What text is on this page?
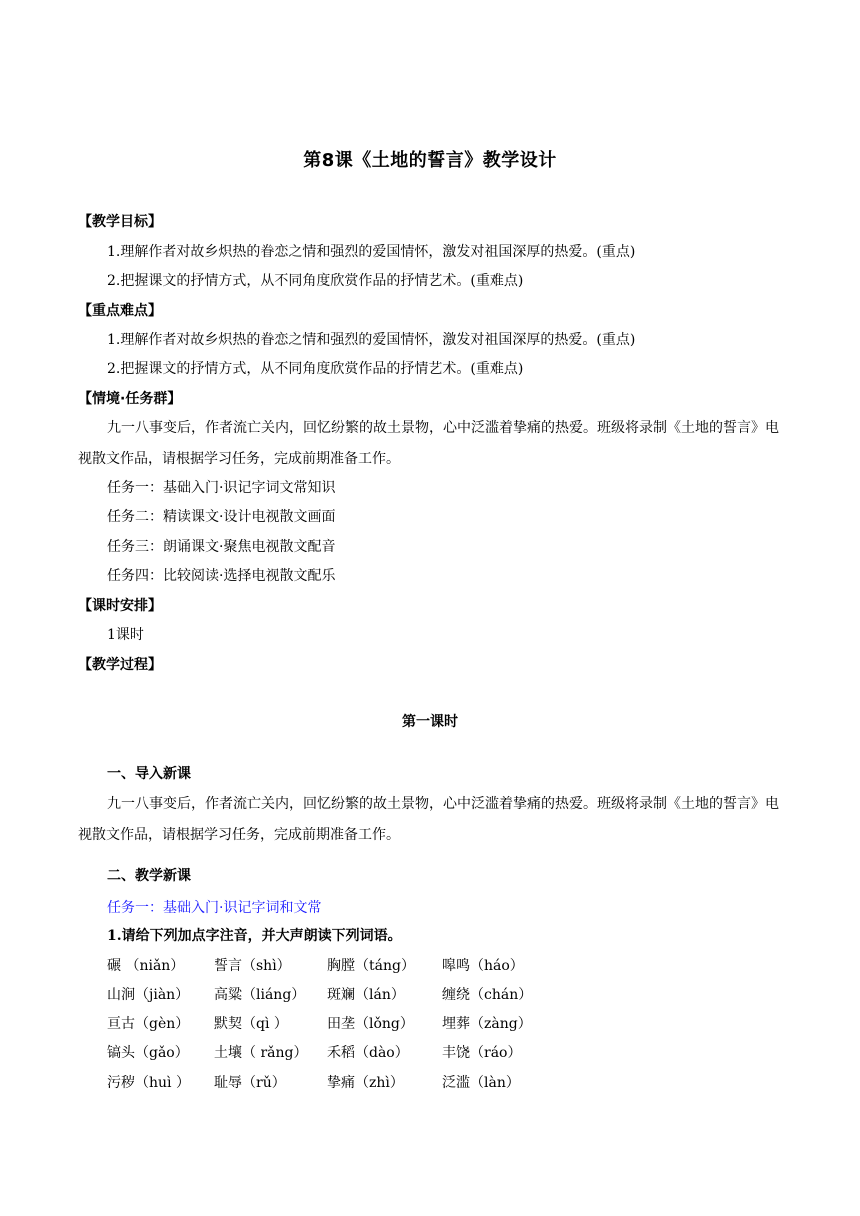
第8课《土地的誓言》教学设计
【教学目标】
1.理解作者对故乡炽热的眷恋之情和强烈的爱国情怀，激发对祖国深厚的热爱。(重点)
2.把握课文的抒情方式，从不同角度欣赏作品的抒情艺术。(重难点)
【重点难点】
1.理解作者对故乡炽热的眷恋之情和强烈的爱国情怀，激发对祖国深厚的热爱。(重点)
2.把握课文的抒情方式，从不同角度欣赏作品的抒情艺术。(重难点)
【情境·任务群】
九一八事变后，作者流亡关内，回忆纷繁的故土景物，心中泛滥着挚痛的热爱。班级将录制《土地的誓言》电视散文作品，请根据学习任务，完成前期准备工作。
任务一：基础入门·识记字词文常知识
任务二：精读课文·设计电视散文画面
任务三：朗诵课文·聚焦电视散文配音
任务四：比较阅读·选择电视散文配乐
【课时安排】
1课时
【教学过程】
第一课时
一、导入新课
九一八事变后，作者流亡关内，回忆纷繁的故土景物，心中泛滥着挚痛的热爱。班级将录制《土地的誓言》电视散文作品，请根据学习任务，完成前期准备工作。
二、教学新课
任务一：基础入门·识记字词和文常
1.请给下列加点字注音，并大声朗读下列词语。
碾 （niǎn） 誓言（shì）	胸膛（táng） 嗥鸣（háo）
山涧（jiàn） 高粱（liáng） 斑斓（lán）	缠绕（chán）
亘古（gèn） 默契（qì ）	田垄（lǒng） 埋葬（zàng）
镐头（gǎo） 土壤（ rǎng） 禾稻（dào） 丰饶（ráo）
污秽（huì ） 耻辱（rǔ）	挚痛（zhì）	泛滥（làn）
